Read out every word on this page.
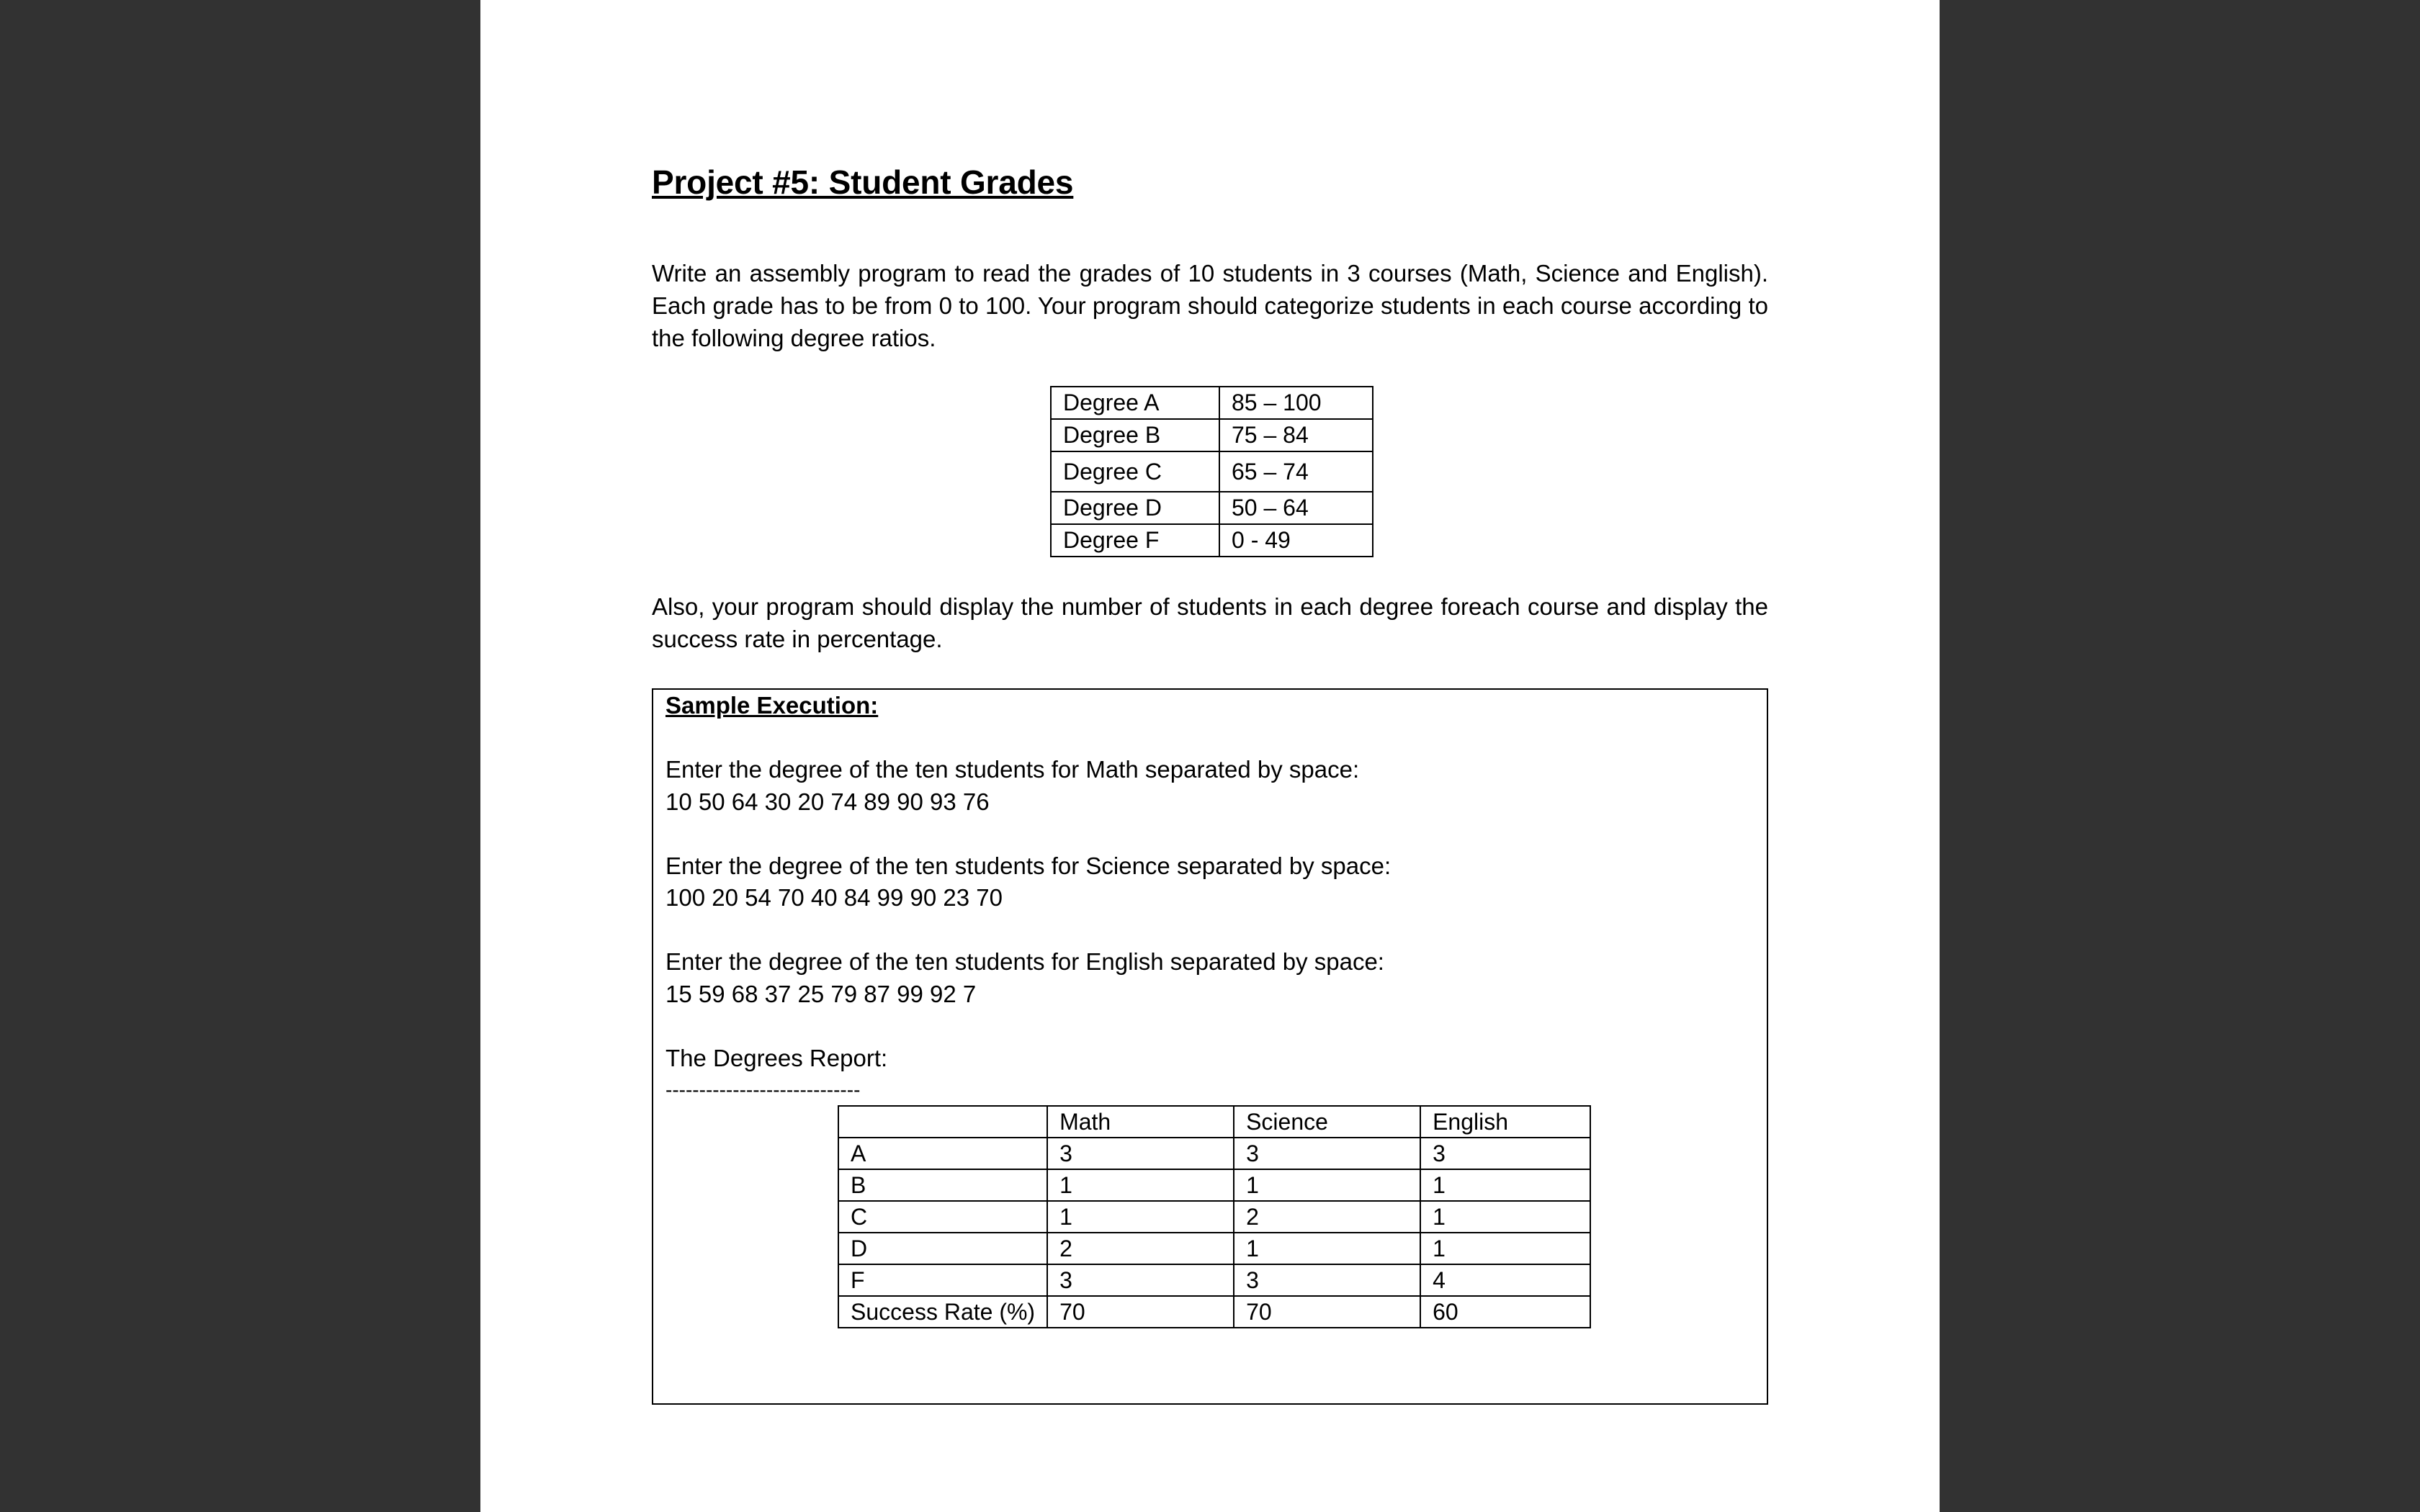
Project #5: Student Grades
Write an assembly program to read the grades of 10 students in 3 courses (Math, Science and English). Each grade has to be from 0 to 100. Your program should categorize students in each course according to the following degree ratios.
Degree A	85 – 100
Degree B	75 – 84
Degree C	65 – 74
Degree D	50 – 64
Degree F	0 - 49
Also, your program should display the number of students in each degree foreach course and display the success rate in percentage.
Sample Execution:
Enter the degree of the ten students for Math separated by space:
10 50 64 30 20 74 89 90 93 76
Enter the degree of the ten students for Science separated by space:
100 20 54 70 40 84 99 90 23 70
Enter the degree of the ten students for English separated by space:
15 59 68 37 25 79 87 99 92 7
The Degrees Report:
-----------------------------
	Math	Science	English
A	3	3	3
B	1	1	1
C	1	2	1
D	2	1	1
F	3	3	4
Success Rate (%)	70	70	60
